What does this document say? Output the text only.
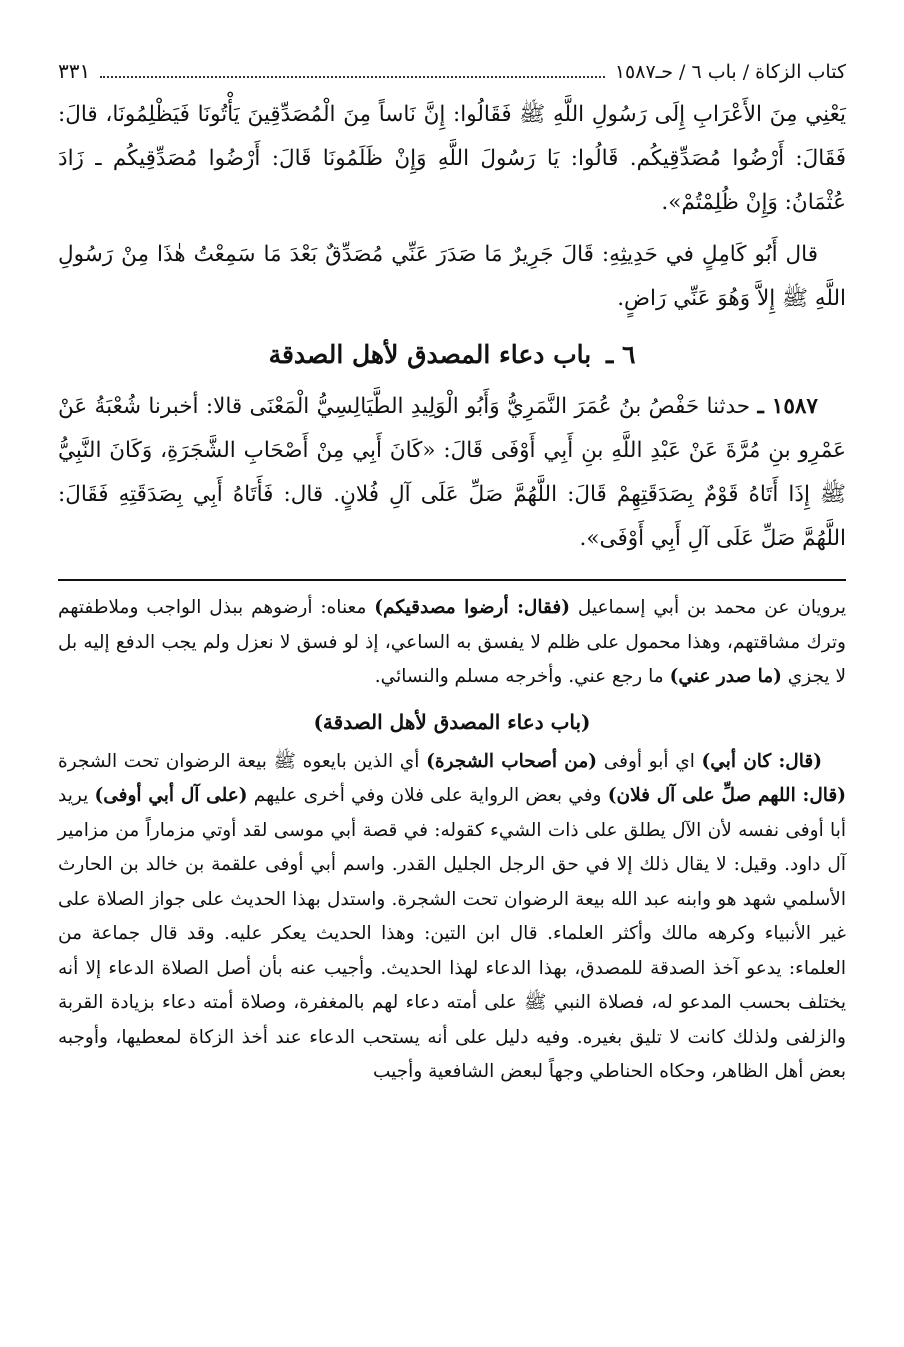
كتاب الزكاة / باب ٦ / حـ١٥٨٧
٣٣١

يَعْنِي مِنَ الأَعْرَابِ إِلَى رَسُولِ اللَّهِ ﷺ فَقَالُوا: إِنَّ نَاساً مِنَ الْمُصَدِّقِينَ يَأْتُونَا فَيَظْلِمُونَا، قالَ: فَقَالَ: أَرْضُوا مُصَدِّقِيكُم. قَالُوا: يَا رَسُولَ اللَّهِ وَإِنْ ظَلَمُونَا قَالَ: أَرْضُوا مُصَدِّقِيكُم ـ زَادَ عُثْمَانُ: وَإِنْ ظُلِمْتُمْ».

قال أَبُو كَامِلٍ في حَدِيثِهِ: قَالَ جَرِيرٌ مَا صَدَرَ عَنِّي مُصَدِّقٌ بَعْدَ مَا سَمِعْتُ هٰذَا مِنْ رَسُولِ اللَّهِ ﷺ إِلاَّ وَهُوَ عَنِّي رَاضٍ.

٦ ـ باب دعاء المصدق لأهل الصدقة

١٥٨٧ ـ حدثنا حَفْصُ بنُ عُمَرَ النَّمَرِيُّ وَأَبُو الْوَلِيدِ الطَّيَالِسِيُّ الْمَعْنَى قالا: أخبرنا شُعْبَةُ عَنْ عَمْرِو بنِ مُرَّةَ عَنْ عَبْدِ اللَّهِ بنِ أَبِي أَوْفَى قَالَ: «كَانَ أَبِي مِنْ أَصْحَابِ الشَّجَرَةِ، وَكَانَ النَّبِيُّ ﷺ إِذَا أَتَاهُ قَوْمٌ بِصَدَقَتِهِمْ قَالَ: اللَّهُمَّ صَلِّ عَلَى آلِ فُلانٍ. قال: فَأَتَاهُ أَبِي بِصَدَقَتِهِ فَقَالَ: اللَّهُمَّ صَلِّ عَلَى آلِ أَبِي أَوْفَى».

يرويان عن محمد بن أبي إسماعيل (فقال: أرضوا مصدقيكم) معناه: أرضوهم ببذل الواجب وملاطفتهم وترك مشاقتهم، وهذا محمول على ظلم لا يفسق به الساعي، إذ لو فسق لا نعزل ولم يجب الدفع إليه بل لا يجزي (ما صدر عني) ما رجع عني. وأخرجه مسلم والنسائي.

(باب دعاء المصدق لأهل الصدقة)

(قال: كان أبي) اي أبو أوفى (من أصحاب الشجرة) أي الذين بايعوه ﷺ بيعة الرضوان تحت الشجرة (قال: اللهم صلِّ على آل فلان) وفي بعض الرواية على فلان وفي أخرى عليهم (على آل أبي أوفى) يريد أبا أوفى نفسه لأن الآل يطلق على ذات الشيء كقوله: في قصة أبي موسى لقد أوتي مزماراً من مزامير آل داود. وقيل: لا يقال ذلك إلا في حق الرجل الجليل القدر. واسم أبي أوفى علقمة بن خالد بن الحارث الأسلمي شهد هو وابنه عبد الله بيعة الرضوان تحت الشجرة. واستدل بهذا الحديث على جواز الصلاة على غير الأنبياء وكرهه مالك وأكثر العلماء. قال ابن التين: وهذا الحديث يعكر عليه. وقد قال جماعة من العلماء: يدعو آخذ الصدقة للمصدق، بهذا الدعاء لهذا الحديث. وأجيب عنه بأن أصل الصلاة الدعاء إلا أنه يختلف بحسب المدعو له، فصلاة النبي ﷺ على أمته دعاء لهم بالمغفرة، وصلاة أمته دعاء بزيادة القربة والزلفى ولذلك كانت لا تليق بغيره. وفيه دليل على أنه يستحب الدعاء عند أخذ الزكاة لمعطيها، وأوجبه بعض أهل الظاهر، وحكاه الحناطي وجهاً لبعض الشافعية وأجيب
